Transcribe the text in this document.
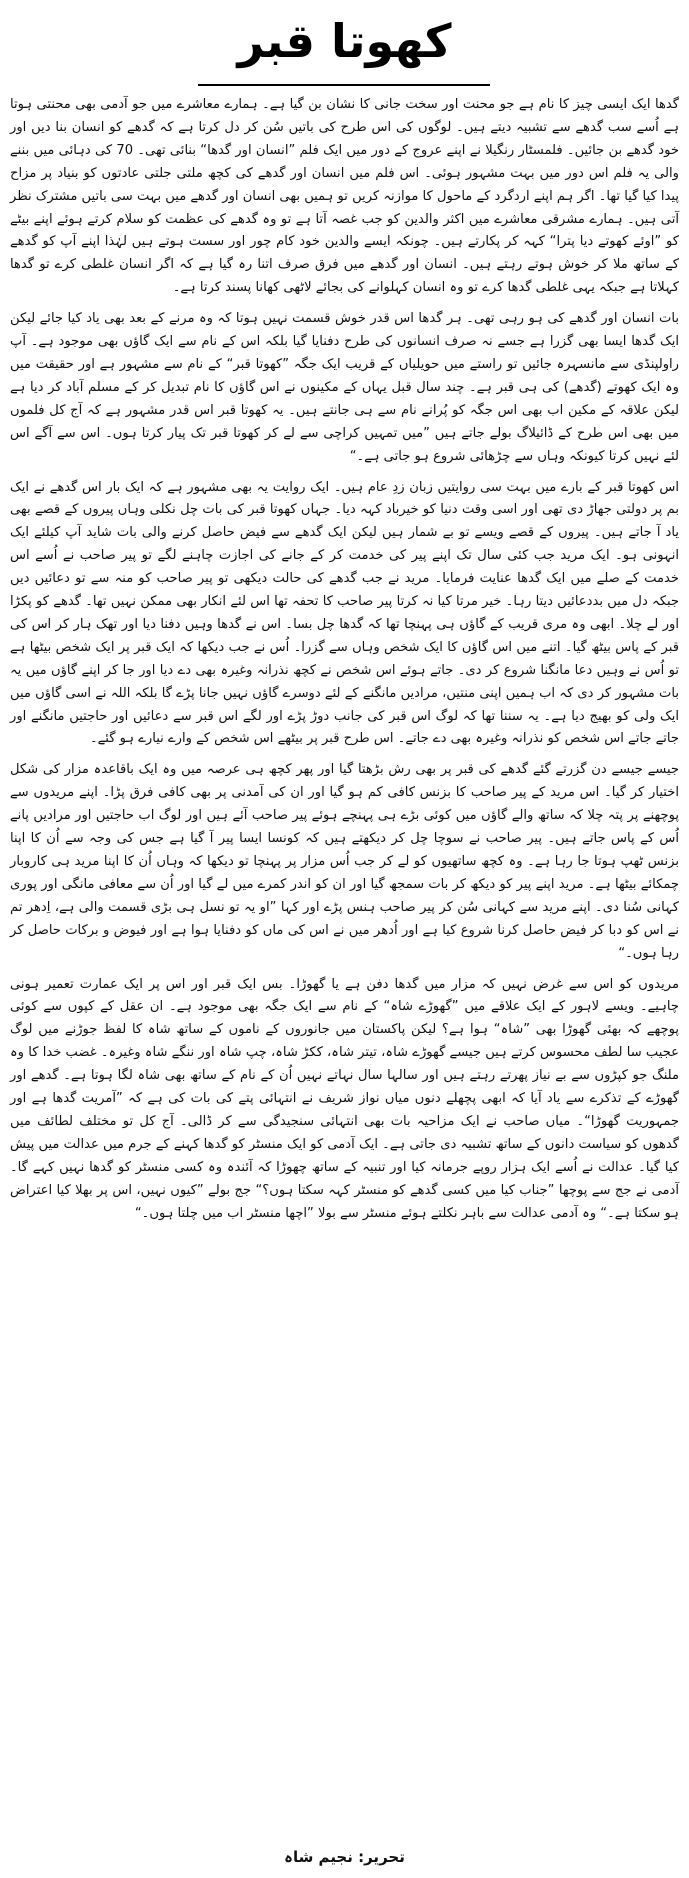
کھوتا قبر

گدھا ایک ایسی چیز کا نام ہے جو محنت اور سخت جانی کا نشان بن گیا ہے۔ ہمارے معاشرے میں جو آدمی بھی محنتی ہوتا ہے اُسے سب گدھے سے تشبیہ دیتے ہیں۔ لوگوں کی اس طرح کی باتیں سُن کر دل کرتا ہے کہ گدھے کو انسان بنا دیں اور خود گدھے بن جائیں۔ فلمسٹار رنگیلا نے اپنے عروج کے دور میں ایک فلم ”انسان اور گدھا“ بنائی تھی۔ 70 کی دہائی میں بننے والی یہ فلم اس دور میں بہت مشہور ہوئی۔ اس فلم میں انسان اور گدھے کی کچھ ملتی جلتی عادتوں کو بنیاد پر مزاح پیدا کیا گیا تھا۔ اگر ہم اپنے اردگرد کے ماحول کا موازنہ کریں تو ہمیں بھی انسان اور گدھے میں بہت سی باتیں مشترک نظر آتی ہیں۔ ہمارے مشرقی معاشرے میں اکثر والدین کو جب غصہ آتا ہے تو وہ گدھے کی عظمت کو سلام کرتے ہوئے اپنے بیٹے کو ”اوئے کھوتے دیا پترا“ کہہ کر پکارتے ہیں۔ چونکہ ایسے والدین خود کام چور اور سست ہوتے ہیں لہٰذا اپنے آپ کو گدھے کے ساتھ ملا کر خوش ہوتے رہتے ہیں۔ انسان اور گدھے میں فرق صرف اتنا رہ گیا ہے کہ اگر انسان غلطی کرے تو گدھا کہلاتا ہے جبکہ یہی غلطی گدھا کرے تو وہ انسان کہلوانے کی بجائے لاٹھی کھانا پسند کرتا ہے۔

بات انسان اور گدھے کی ہو رہی تھی۔ ہر گدھا اس قدر خوش قسمت نہیں ہوتا کہ وہ مرنے کے بعد بھی یاد کیا جائے لیکن ایک گدھا ایسا بھی گزرا ہے جسے نہ صرف انسانوں کی طرح دفنایا گیا بلکہ اس کے نام سے ایک گاؤں بھی موجود ہے۔ آپ راولپنڈی سے مانسہرہ جائیں تو راستے میں حویلیاں کے قریب ایک جگہ ”کھوتا قبر“ کے نام سے مشہور ہے اور حقیقت میں وہ ایک کھوتے (گدھے) کی ہی قبر ہے۔ چند سال قبل یہاں کے مکینوں نے اس گاؤں کا نام تبدیل کر کے مسلم آباد کر دیا ہے لیکن علاقہ کے مکین اب بھی اس جگہ کو پُرانے نام سے ہی جانتے ہیں۔ یہ کھوتا قبر اس قدر مشہور ہے کہ آج کل فلموں میں بھی اس طرح کے ڈائیلاگ بولے جاتے ہیں ”میں تمہیں کراچی سے لے کر کھوتا قبر تک پیار کرتا ہوں۔ اس سے آگے اس لئے نہیں کرتا کیونکہ وہاں سے چڑھائی شروع ہو جاتی ہے۔“

اس کھوتا قبر کے بارے میں بہت سی روایتیں زبان زدِ عام ہیں۔ ایک روایت یہ بھی مشہور ہے کہ ایک بار اس گدھے نے ایک بم پر دولتی جھاڑ دی تھی اور اسی وقت دنیا کو خیرباد کہہ دیا۔ جہاں کھوتا قبر کی بات چل نکلی وہاں پیروں کے قصے بھی یاد آ جاتے ہیں۔ پیروں کے قصے ویسے تو بے شمار ہیں لیکن ایک گدھے سے فیض حاصل کرنے والی بات شاید آپ کیلئے ایک انہونی ہو۔ ایک مرید جب کئی سال تک اپنے پیر کی خدمت کر کے جانے کی اجازت چاہنے لگے تو پیر صاحب نے اُسے اس خدمت کے صلے میں ایک گدھا عنایت فرمایا۔ مرید نے جب گدھے کی حالت دیکھی تو پیر صاحب کو منہ سے تو دعائیں دیں جبکہ دل میں بددعائیں دیتا رہا۔ خیر مرتا کیا نہ کرتا پیر صاحب کا تحفہ تھا اس لئے انکار بھی ممکن نہیں تھا۔ گدھے کو پکڑا اور لے چلا۔ ابھی وہ مری قریب کے گاؤں ہی پہنچا تھا کہ گدھا چل بسا۔ اس نے گدھا وہیں دفنا دیا اور تھک ہار کر اس کی قبر کے پاس بیٹھ گیا۔ اتنے میں اس گاؤں کا ایک شخص وہاں سے گزرا۔ اُس نے جب دیکھا کہ ایک قبر پر ایک شخص بیٹھا ہے تو اُس نے وہیں دعا مانگنا شروع کر دی۔ جاتے ہوئے اس شخص نے کچھ نذرانہ وغیرہ بھی دے دیا اور جا کر اپنے گاؤں میں یہ بات مشہور کر دی کہ اب ہمیں اپنی منتیں، مرادیں مانگنے کے لئے دوسرے گاؤں نہیں جانا پڑے گا بلکہ اللہ نے اسی گاؤں میں ایک ولی کو بھیج دیا ہے۔ یہ سننا تھا کہ لوگ اس قبر کی جانب دوڑ پڑے اور لگے اس قبر سے دعائیں اور حاجتیں مانگنے اور جاتے جاتے اس شخص کو نذرانہ وغیرہ بھی دے جاتے۔ اس طرح قبر پر بیٹھے اس شخص کے وارے نیارے ہو گئے۔

جیسے جیسے دن گزرتے گئے گدھے کی قبر پر بھی رش بڑھتا گیا اور پھر کچھ ہی عرصہ میں وہ ایک باقاعدہ مزار کی شکل اختیار کر گیا۔ اس مرید کے پیر صاحب کا بزنس کافی کم ہو گیا اور ان کی آمدنی پر بھی کافی فرق پڑا۔ اپنے مریدوں سے پوچھنے پر پتہ چلا کہ ساتھ والے گاؤں میں کوئی بڑے ہی پہنچے ہوئے پیر صاحب آئے ہیں اور لوگ اب حاجتیں اور مرادیں پانے اُس کے پاس جاتے ہیں۔ پیر صاحب نے سوچا چل کر دیکھتے ہیں کہ کونسا ایسا پیر آ گیا ہے جس کی وجہ سے اُن کا اپنا بزنس ٹھپ ہوتا جا رہا ہے۔ وہ کچھ ساتھیوں کو لے کر جب اُس مزار پر پہنچا تو دیکھا کہ وہاں اُن کا اپنا مرید ہی کاروبار چمکائے بیٹھا ہے۔ مرید اپنے پیر کو دیکھ کر بات سمجھ گیا اور ان کو اندر کمرے میں لے گیا اور اُن سے معافی مانگی اور پوری کہانی سُنا دی۔ اپنے مرید سے کہانی سُن کر پیر صاحب ہنس پڑے اور کہا ”او یہ تو نسل ہی بڑی قسمت والی ہے، اِدھر تم نے اس کو دبا کر فیض حاصل کرنا شروع کیا ہے اور اُدھر میں نے اس کی ماں کو دفنایا ہوا ہے اور فیوض و برکات حاصل کر رہا ہوں۔“

مریدوں کو اس سے غرض نہیں کہ مزار میں گدھا دفن ہے یا گھوڑا۔ بس ایک قبر اور اس پر ایک عمارت تعمیر ہونی چاہیے۔ ویسے لاہور کے ایک علاقے میں ”گھوڑے شاہ“ کے نام سے ایک جگہ بھی موجود ہے۔ ان عقل کے کپوں سے کوئی پوچھے کہ بھئی گھوڑا بھی ”شاہ“ ہوا ہے؟ لیکن پاکستان میں جانوروں کے ناموں کے ساتھ شاہ کا لفظ جوڑنے میں لوگ عجیب سا لطف محسوس کرتے ہیں جیسے گھوڑے شاہ، تیتر شاہ، ککڑ شاہ، چپ شاہ اور ننگے شاہ وغیرہ۔ غضب خدا کا وہ ملنگ جو کپڑوں سے بے نیاز پھرتے رہتے ہیں اور سالہا سال نہاتے نہیں اُن کے نام کے ساتھ بھی شاہ لگا ہوتا ہے۔ گدھے اور گھوڑے کے تذکرے سے یاد آیا کہ ابھی پچھلے دنوں میاں نواز شریف نے انتہائی پتے کی بات کی ہے کہ ”آمریت گدھا ہے اور جمہوریت گھوڑا“۔ میاں صاحب نے ایک مزاحیہ بات بھی انتہائی سنجیدگی سے کر ڈالی۔ آج کل تو مختلف لطائف میں گدھوں کو سیاست دانوں کے ساتھ تشبیہ دی جاتی ہے۔ ایک آدمی کو ایک منسٹر کو گدھا کہنے کے جرم میں عدالت میں پیش کیا گیا۔ عدالت نے اُسے ایک ہزار روپے جرمانہ کیا اور تنبیہ کے ساتھ چھوڑا کہ آئندہ وہ کسی منسٹر کو گدھا نہیں کہے گا۔ آدمی نے جج سے پوچھا ”جناب کیا میں کسی گدھے کو منسٹر کہہ سکتا ہوں؟“ جج بولے ”کیوں نہیں، اس پر بھلا کیا اعتراض ہو سکتا ہے۔“ وہ آدمی عدالت سے باہر نکلتے ہوئے منسٹر سے بولا ”اچھا منسٹر اب میں چلتا ہوں۔“

تحریر: نجیم شاہ
